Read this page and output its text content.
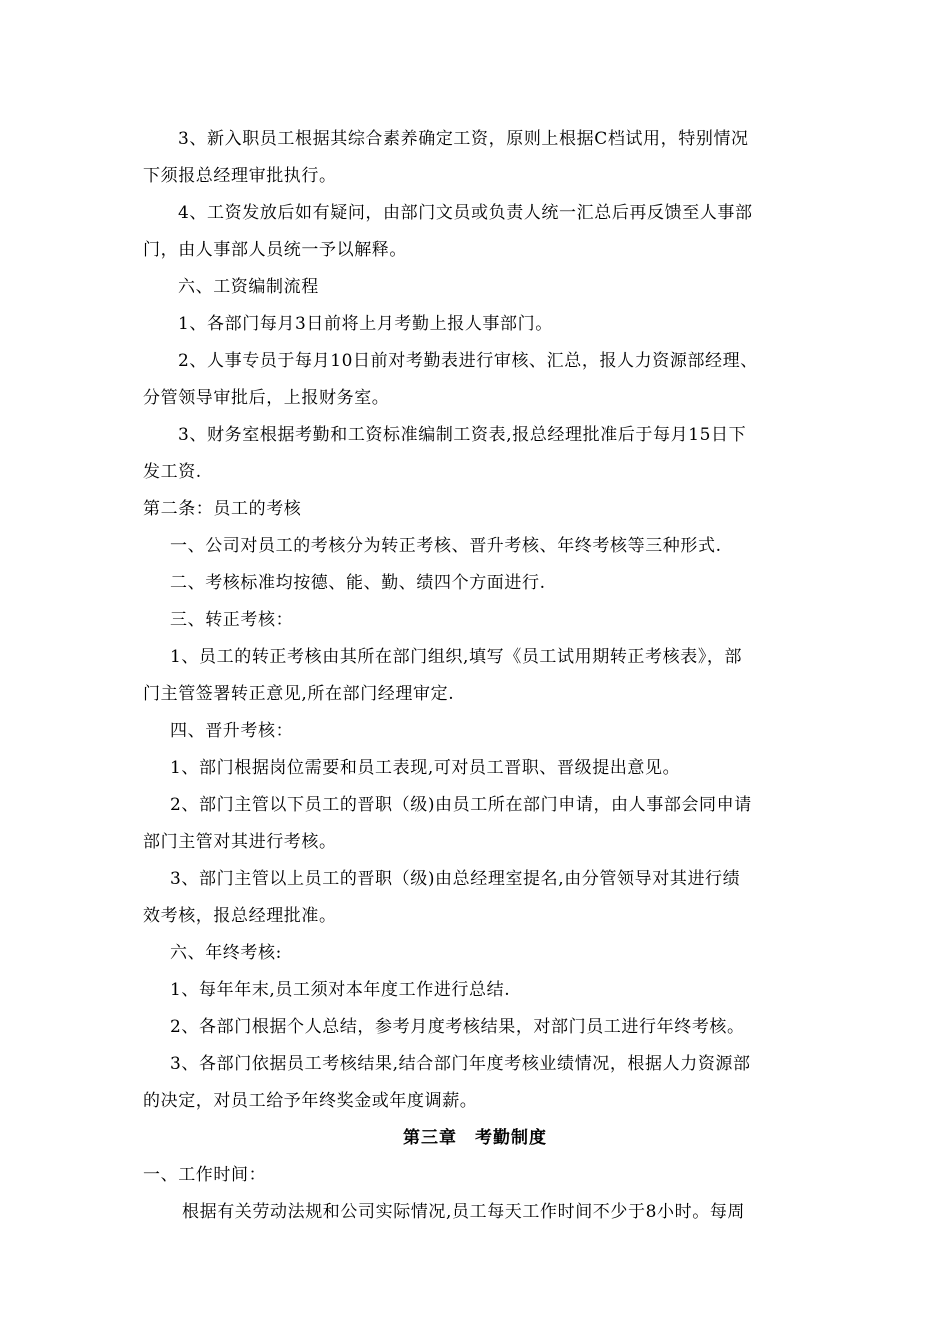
3、新入职员工根据其综合素养确定工资，原则上根据C档试用，特别情况
下须报总经理审批执行。
4、工资发放后如有疑问，由部门文员或负责人统一汇总后再反馈至人事部
门，由人事部人员统一予以解释。
六、工资编制流程
1、各部门每月3日前将上月考勤上报人事部门。
2、人事专员于每月10日前对考勤表进行审核、汇总，报人力资源部经理、
分管领导审批后，上报财务室。
3、财务室根据考勤和工资标准编制工资表,报总经理批准后于每月15日下
发工资.
第二条：员工的考核
一、公司对员工的考核分为转正考核、晋升考核、年终考核等三种形式.
二、考核标准均按德、能、勤、绩四个方面进行.
三、转正考核：
1、员工的转正考核由其所在部门组织,填写《员工试用期转正考核表》，部
门主管签署转正意见,所在部门经理审定.
四、晋升考核：
1、部门根据岗位需要和员工表现,可对员工晋职、晋级提出意见。
2、部门主管以下员工的晋职（级)由员工所在部门申请，由人事部会同申请
部门主管对其进行考核。
3、部门主管以上员工的晋职（级)由总经理室提名,由分管领导对其进行绩
效考核，报总经理批准。
六、年终考核:
1、每年年末,员工须对本年度工作进行总结.
2、各部门根据个人总结，参考月度考核结果，对部门员工进行年终考核。
3、各部门依据员工考核结果,结合部门年度考核业绩情况，根据人力资源部
的决定，对员工给予年终奖金或年度调薪。
第三章　考勤制度
一、工作时间：
根据有关劳动法规和公司实际情况,员工每天工作时间不少于8小时。每周
